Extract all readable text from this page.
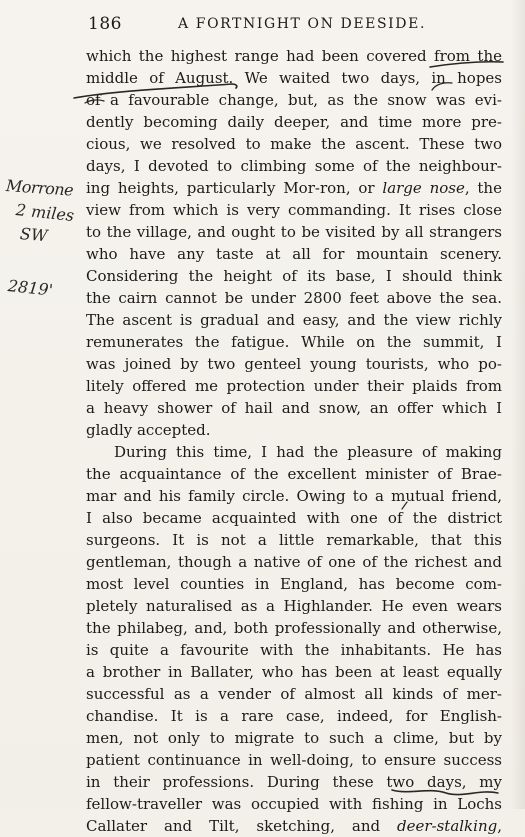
186	A FORTNIGHT ON DEESIDE.
which the highest range had been covered from the
middle of August. We waited two days, in hopes
of a favourable change, but, as the snow was evi-
dently becoming daily deeper, and time more pre-
cious, we resolved to make the ascent. These two
days, I devoted to climbing some of the neighbour-
ing heights, particularly Mor-ron, or large nose, the
view from which is very commanding. It rises close
to the village, and ought to be visited by all strangers
who have any taste at all for mountain scenery.
Considering the height of its base, I should think
the cairn cannot be under 2800 feet above the sea.
The ascent is gradual and easy, and the view richly
remunerates the fatigue. While on the summit, I
was joined by two genteel young tourists, who po-
litely offered me protection under their plaids from
a heavy shower of hail and snow, an offer which I
gladly accepted.
During this time, I had the pleasure of making
the acquaintance of the excellent minister of Brae-
mar and his family circle. Owing to a mutual friend,
I also became acquainted with one of the district
surgeons. It is not a little remarkable, that this
gentleman, though a native of one of the richest and
most level counties in England, has become com-
pletely naturalised as a Highlander. He even wears
the philabeg, and, both professionally and otherwise,
is quite a favourite with the inhabitants. He has
a brother in Ballater, who has been at least equally
successful as a vender of almost all kinds of mer-
chandise. It is a rare case, indeed, for English-
men, not only to migrate to such a clime, but by
patient continuance in well-doing, to ensure success
in their professions. During these two days, my
fellow-traveller was occupied with fishing in Lochs
Callater and Tilt, sketching, and deer-stalking,
Morrone
2 miles
SW
2819'
